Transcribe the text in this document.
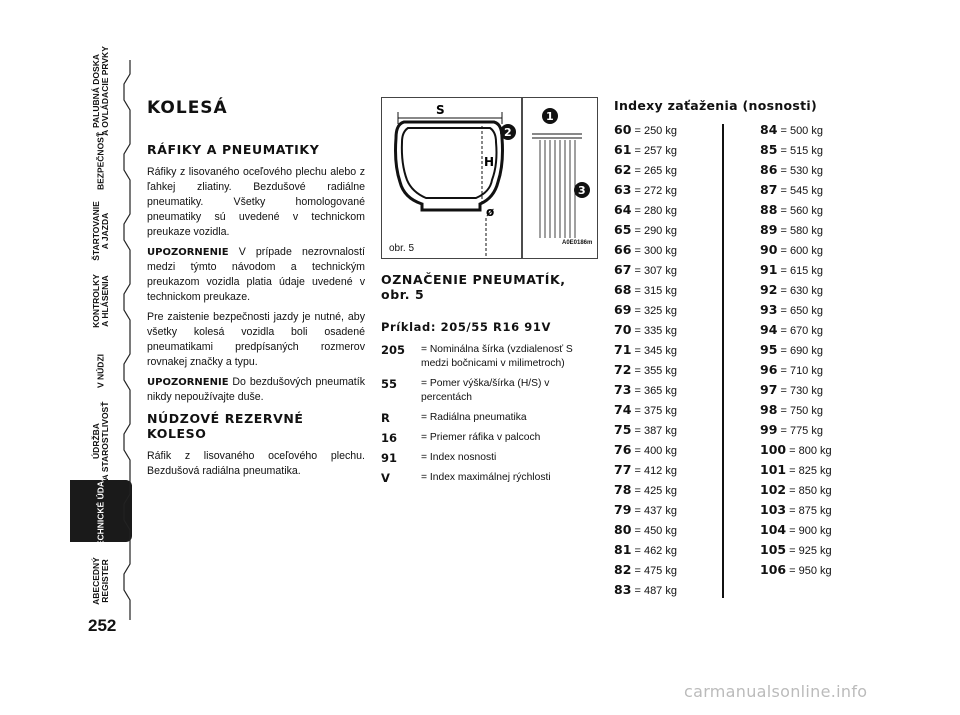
PALUBNÁ DOSKA
A OVLÁDACIE PRVKY
BEZPEČNOSŤ
ŠTARTOVANIE
A JAZDA
KONTROLKY
A HLÁSENIA
V NÚDZI
ÚDRŽBA
A STAROSTLIVOSŤ
TECHNICKÉ ÚDAJE
ABECEDNÝ
REGISTER
252
KOLESÁ
RÁFIKY A PNEUMATIKY

Ráfiky z lisovaného oceľového plechu alebo z ľahkej zliatiny. Bezdušové radiálne pneumatiky. Všetky homologované pneumatiky sú uvedené v technickom preukaze vozidla.

UPOZORNENIE V prípade nezrovnalostí medzi týmto návodom a technickým preukazom vozidla platia údaje uvedené v technickom preukaze.

Pre zaistenie bezpečnosti jazdy je nutné, aby všetky kolesá vozidla boli osadené pneumatikami predpísaných rozmerov rovnakej značky a typu.

UPOZORNENIE Do bezdušových pneumatík nikdy nepoužívajte duše.

NÚDZOVÉ REZERVNÉ KOLESO

Ráfik z lisovaného oceľového plechu. Bezdušová radiálna pneumatika.

S
H
ø
1
2
3
obr. 5	A0E0186m
OZNAČENIE PNEUMATÍK, obr. 5
Príklad: 205/55 R16 91V
205	= Nominálna šírka (vzdialenosť S medzi bočnicami v milimetroch)
55	= Pomer výška/šírka (H/S) v percentách
R	= Radiálna pneumatika
16	= Priemer ráfika v palcoch
91	= Index nosnosti
V	= Index maximálnej rýchlosti
Indexy zaťaženia (nosnosti)
60 = 250 kg
61 = 257 kg
62 = 265 kg
63 = 272 kg
64 = 280 kg
65 = 290 kg
66 = 300 kg
67 = 307 kg
68 = 315 kg
69 = 325 kg
70 = 335 kg
71 = 345 kg
72 = 355 kg
73 = 365 kg
74 = 375 kg
75 = 387 kg
76 = 400 kg
77 = 412 kg
78 = 425 kg
79 = 437 kg
80 = 450 kg
81 = 462 kg
82 = 475 kg
83 = 487 kg
84 = 500 kg
85 = 515 kg
86 = 530 kg
87 = 545 kg
88 = 560 kg
89 = 580 kg
90 = 600 kg
91 = 615 kg
92 = 630 kg
93 = 650 kg
94 = 670 kg
95 = 690 kg
96 = 710 kg
97 = 730 kg
98 = 750 kg
99 = 775 kg
100 = 800 kg
101 = 825 kg
102 = 850 kg
103 = 875 kg
104 = 900 kg
105 = 925 kg
106 = 950 kg
carmanualsonline.info
